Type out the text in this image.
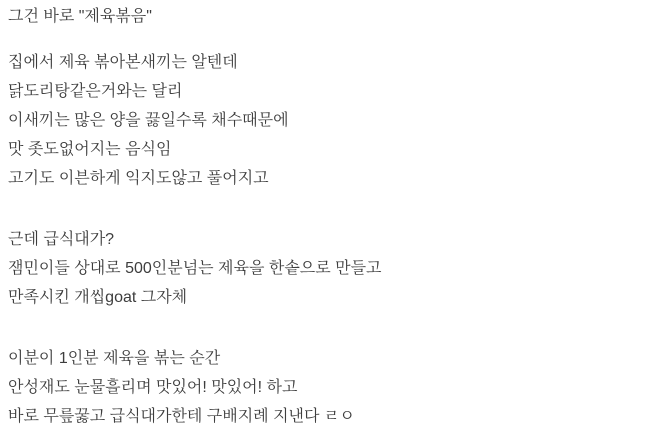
그건 바로 "제육볶음"
집에서 제육 볶아본새끼는 알텐데
닭도리탕같은거와는 달리
이새끼는 많은 양을 끓일수록 채수때문에
맛 좃도없어지는 음식임
고기도 이븐하게 익지도않고 풀어지고
근데 급식대가?
잼민이들 상대로 500인분넘는 제육을 한솥으로 만들고
만족시킨 개씹goat 그자체
이분이 1인분 제육을 볶는 순간
안성재도 눈물흘리며 맛있어! 맛있어! 하고
바로 무릎꿇고 급식대가한테 구배지례 지낸다 ㄹㅇ
